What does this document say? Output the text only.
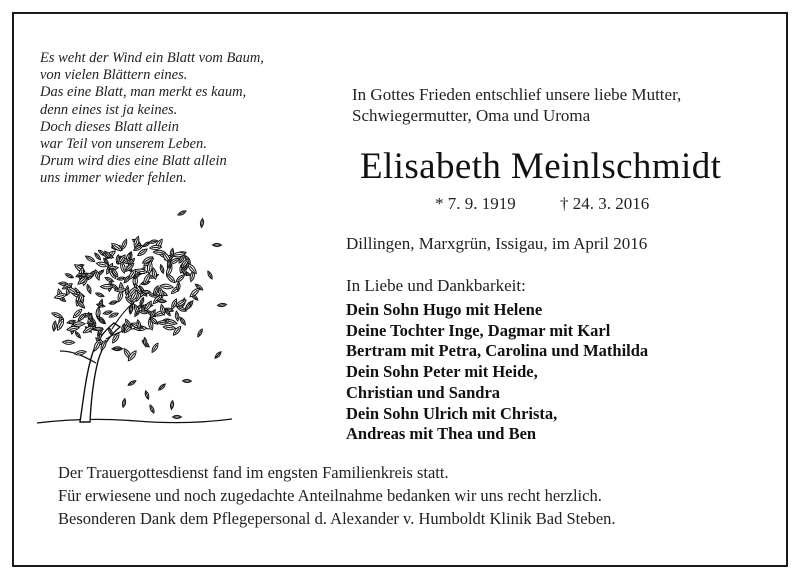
Es weht der Wind ein Blatt vom Baum,
von vielen Blättern eines.
Das eine Blatt, man merkt es kaum,
denn eines ist ja keines.
Doch dieses Blatt allein
war Teil von unserem Leben.
Drum wird dies eine Blatt allein
uns immer wieder fehlen.
In Gottes Frieden entschlief unsere liebe Mutter,
Schwiegermutter, Oma und Uroma
Elisabeth Meinlschmidt
* 7. 9. 1919	† 24. 3. 2016
Dillingen, Marxgrün, Issigau, im April 2016
In Liebe und Dankbarkeit:
Dein Sohn Hugo mit Helene
Deine Tochter Inge, Dagmar mit Karl
Bertram mit Petra, Carolina und Mathilda
Dein Sohn Peter mit Heide,
Christian und Sandra
Dein Sohn Ulrich mit Christa,
Andreas mit Thea und Ben
Der Trauergottesdienst fand im engsten Familienkreis statt.
Für erwiesene und noch zugedachte Anteilnahme bedanken wir uns recht herzlich.
Besonderen Dank dem Pflegepersonal d. Alexander v. Humboldt Klinik Bad Steben.
